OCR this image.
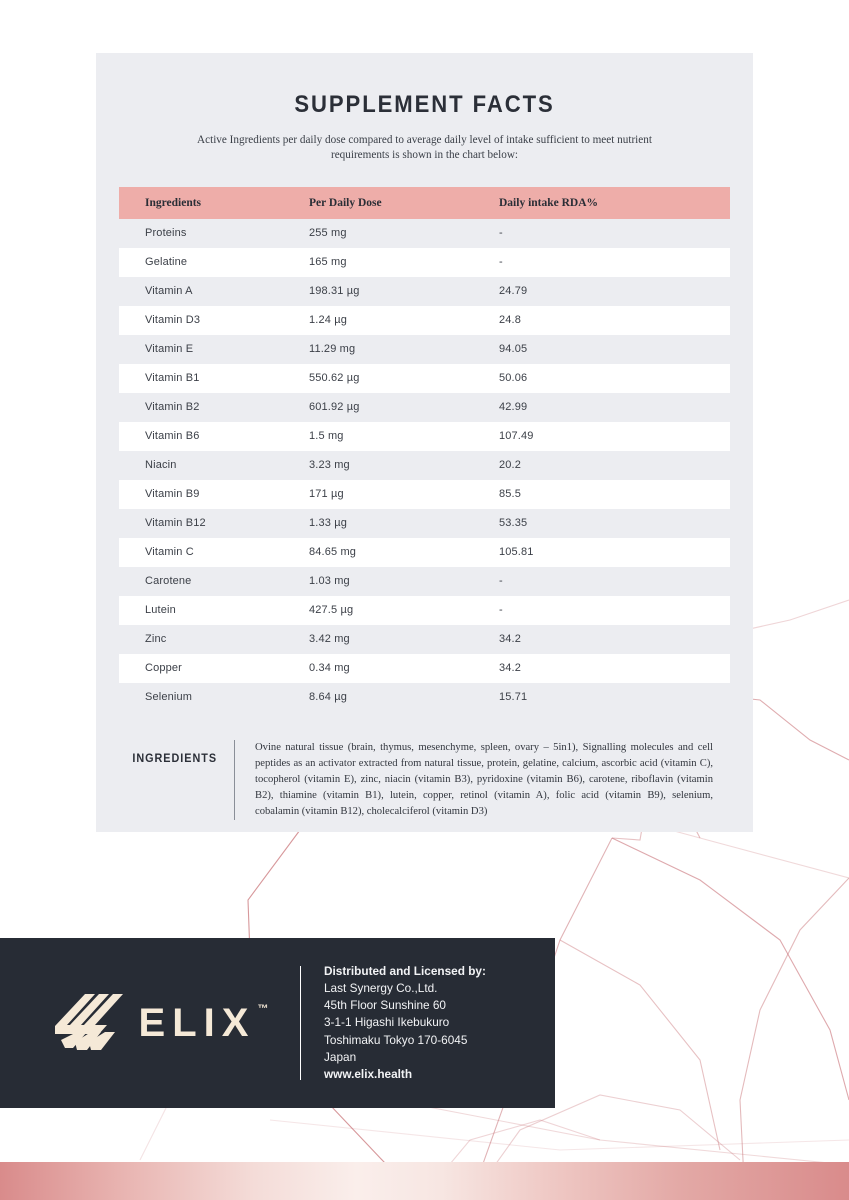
SUPPLEMENT FACTS

Active Ingredients per daily dose compared to average daily level of intake sufficient to meet nutrient requirements is shown in the chart below:

Ingredients	Per Daily Dose	Daily intake RDA%
Proteins	255 mg	-
Gelatine	165 mg	-
Vitamin A	198.31 µg	24.79
Vitamin D3	1.24 µg	24.8
Vitamin E	11.29 mg	94.05
Vitamin B1	550.62 µg	50.06
Vitamin B2	601.92 µg	42.99
Vitamin B6	1.5 mg	107.49
Niacin	3.23 mg	20.2
Vitamin B9	171 µg	85.5
Vitamin B12	1.33 µg	53.35
Vitamin C	84.65 mg	105.81
Carotene	1.03 mg	-
Lutein	427.5 µg	-
Zinc	3.42 mg	34.2
Copper	0.34 mg	34.2
Selenium	8.64 µg	15.71
INGREDIENTS
Ovine natural tissue (brain, thymus, mesenchyme, spleen, ovary – 5in1), Signalling molecules and cell peptides as an activator extracted from natural tissue, protein, gelatine, calcium, ascorbic acid (vitamin C), tocopherol (vitamin E), zinc, niacin (vitamin B3), pyridoxine (vitamin B6), carotene, riboflavin (vitamin B2), thiamine (vitamin B1), lutein, copper, retinol (vitamin A), folic acid (vitamin B9), selenium, cobalamin (vitamin B12), cholecalciferol (vitamin D3)
ELIX ™
Distributed and Licensed by:
Last Synergy Co.,Ltd.
45th Floor Sunshine 60
3-1-1 Higashi Ikebukuro
Toshimaku Tokyo 170-6045
Japan
www.elix.health
